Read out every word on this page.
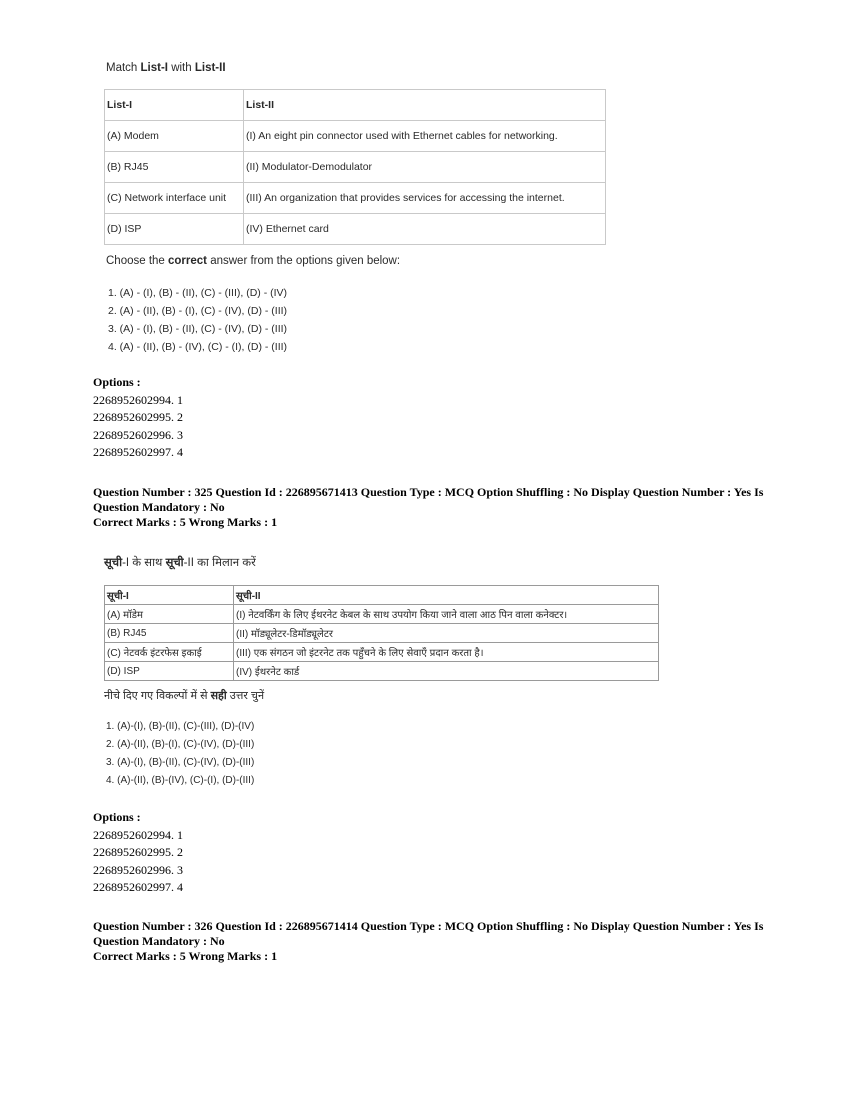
Match List-I with List-II
List-I	List-II
(A) Modem	(I) An eight pin connector used with Ethernet cables for networking.
(B) RJ45	(II) Modulator-Demodulator
(C) Network interface unit	(III) An organization that provides services for accessing the internet.
(D) ISP	(IV) Ethernet card
Choose the correct answer from the options given below:
1. (A) - (I), (B) - (II), (C) - (III), (D) - (IV)
2. (A) - (II), (B) - (I), (C) - (IV), (D) - (III)
3. (A) - (I), (B) - (II), (C) - (IV), (D) - (III)
4. (A) - (II), (B) - (IV), (C) - (I), (D) - (III)
Options :
2268952602994. 1
2268952602995. 2
2268952602996. 3
2268952602997. 4
Question Number : 325 Question Id : 226895671413 Question Type : MCQ Option Shuffling : No Display Question Number : Yes Is Question Mandatory : No
Correct Marks : 5 Wrong Marks : 1
सूची-I के साथ सूची-II का मिलान करें
सूची-I	सूची-II
(A) मॉडेम	(I) नेटवर्किंग के लिए ईथरनेट केबल के साथ उपयोग किया जाने वाला आठ पिन वाला कनेक्टर।
(B) RJ45	(II) मॉड्यूलेटर-डिमॉड्यूलेटर
(C) नेटवर्क इंटरफेस इकाई	(III) एक संगठन जो इंटरनेट तक पहुँचने के लिए सेवाएँ प्रदान करता है।
(D) ISP	(IV) ईथरनेट कार्ड
नीचे दिए गए विकल्पों में से सही उत्तर चुनें
1. (A)-(I), (B)-(II), (C)-(III), (D)-(IV)
2. (A)-(II), (B)-(I), (C)-(IV), (D)-(III)
3. (A)-(I), (B)-(II), (C)-(IV), (D)-(III)
4. (A)-(II), (B)-(IV), (C)-(I), (D)-(III)
Options :
2268952602994. 1
2268952602995. 2
2268952602996. 3
2268952602997. 4
Question Number : 326 Question Id : 226895671414 Question Type : MCQ Option Shuffling : No Display Question Number : Yes Is Question Mandatory : No
Correct Marks : 5 Wrong Marks : 1
